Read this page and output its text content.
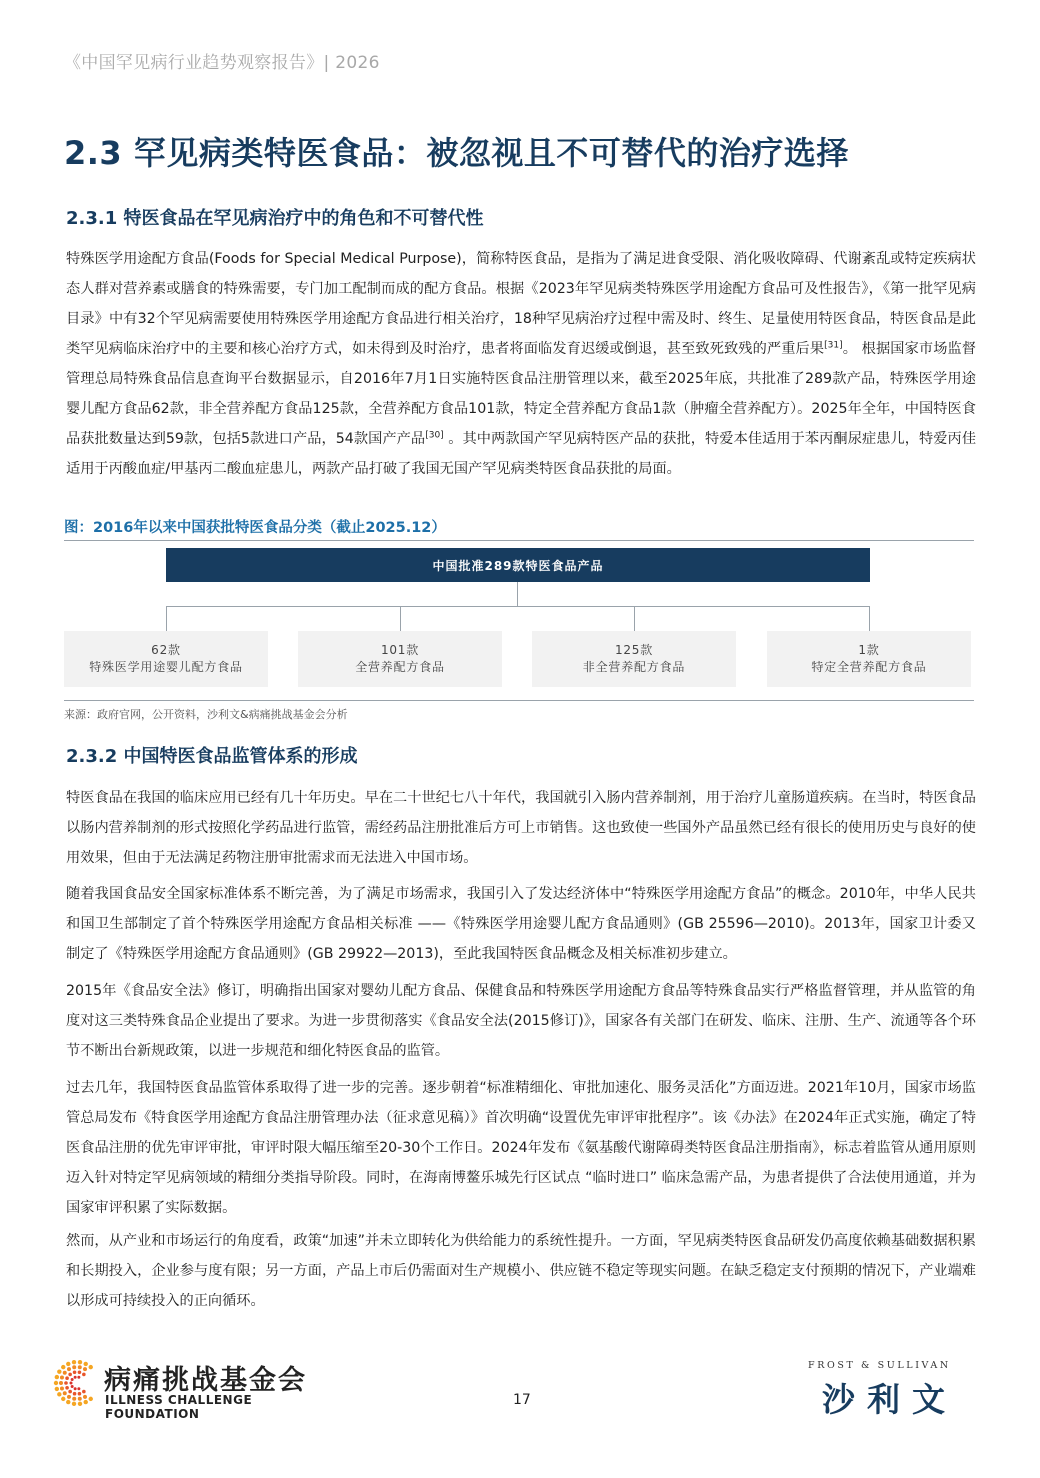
《中国罕见病行业趋势观察报告》| 2026
2.3 罕见病类特医食品：被忽视且不可替代的治疗选择
2.3.1 特医食品在罕见病治疗中的角色和不可替代性

特殊医学用途配方食品(Foods for Special Medical Purpose)，简称特医食品，是指为了满足进食受限、消化吸收障碍、代谢紊乱或特定疾病状态人群对营养素或膳食的特殊需要，专门加工配制而成的配方食品。根据《2023年罕见病类特殊医学用途配方食品可及性报告》，《第一批罕见病目录》中有32个罕见病需要使用特殊医学用途配方食品进行相关治疗，18种罕见病治疗过程中需及时、终生、足量使用特医食品，特医食品是此类罕见病临床治疗中的主要和核心治疗方式，如未得到及时治疗，患者将面临发育迟缓或倒退，甚至致死致残的严重后果[31]。 根据国家市场监督管理总局特殊食品信息查询平台数据显示，自2016年7月1日实施特医食品注册管理以来，截至2025年底，共批准了289款产品，特殊医学用途婴儿配方食品62款，非全营养配方食品125款，全营养配方食品101款，特定全营养配方食品1款（肿瘤全营养配方）。2025年全年，中国特医食品获批数量达到59款，包括5款进口产品，54款国产产品[30] 。其中两款国产罕见病特医产品的获批，特爱本佳适用于苯丙酮尿症患儿，特爱丙佳适用于丙酸血症/甲基丙二酸血症患儿，两款产品打破了我国无国产罕见病类特医食品获批的局面。

图：2016年以来中国获批特医食品分类（截止2025.12）
中国批准289款特医食品产品
62款
特殊医学用途婴儿配方食品
101款
全营养配方食品
125款
非全营养配方食品
1款
特定全营养配方食品
来源：政府官网，公开资料，沙利文&病痛挑战基金会分析
2.3.2 中国特医食品监管体系的形成

特医食品在我国的临床应用已经有几十年历史。早在二十世纪七八十年代，我国就引入肠内营养制剂，用于治疗儿童肠道疾病。在当时，特医食品以肠内营养制剂的形式按照化学药品进行监管，需经药品注册批准后方可上市销售。这也致使一些国外产品虽然已经有很长的使用历史与良好的使用效果，但由于无法满足药物注册审批需求而无法进入中国市场。

随着我国食品安全国家标准体系不断完善，为了满足市场需求，我国引入了发达经济体中“特殊医学用途配方食品”的概念。2010年，中华人民共和国卫生部制定了首个特殊医学用途配方食品相关标准 ——《特殊医学用途婴儿配方食品通则》(GB 25596—2010)。2013年，国家卫计委又制定了《特殊医学用途配方食品通则》(GB 29922—2013)，至此我国特医食品概念及相关标准初步建立。

2015年《食品安全法》修订，明确指出国家对婴幼儿配方食品、保健食品和特殊医学用途配方食品等特殊食品实行严格监督管理，并从监管的角度对这三类特殊食品企业提出了要求。为进一步贯彻落实《食品安全法(2015修订)》，国家各有关部门在研发、临床、注册、生产、流通等各个环节不断出台新规政策，以进一步规范和细化特医食品的监管。

过去几年，我国特医食品监管体系取得了进一步的完善。逐步朝着“标准精细化、审批加速化、服务灵活化”方面迈进。2021年10月，国家市场监管总局发布《特食医学用途配方食品注册管理办法（征求意见稿）》首次明确“设置优先审评审批程序”。该《办法》在2024年正式实施，确定了特医食品注册的优先审评审批，审评时限大幅压缩至20-30个工作日。2024年发布《氨基酸代谢障碍类特医食品注册指南》，标志着监管从通用原则迈入针对特定罕见病领域的精细分类指导阶段。同时，在海南博鳌乐城先行区试点 “临时进口” 临床急需产品，为患者提供了合法使用通道，并为国家审评积累了实际数据。

然而，从产业和市场运行的角度看，政策“加速”并未立即转化为供给能力的系统性提升。一方面，罕见病类特医食品研发仍高度依赖基础数据积累和长期投入，企业参与度有限；另一方面，产品上市后仍需面对生产规模小、供应链不稳定等现实问题。在缺乏稳定支付预期的情况下，产业端难以形成可持续投入的正向循环。

病痛挑战基金会
ILLNESS CHALLENGE FOUNDATION
17
FROST & SULLIVAN
沙利文
